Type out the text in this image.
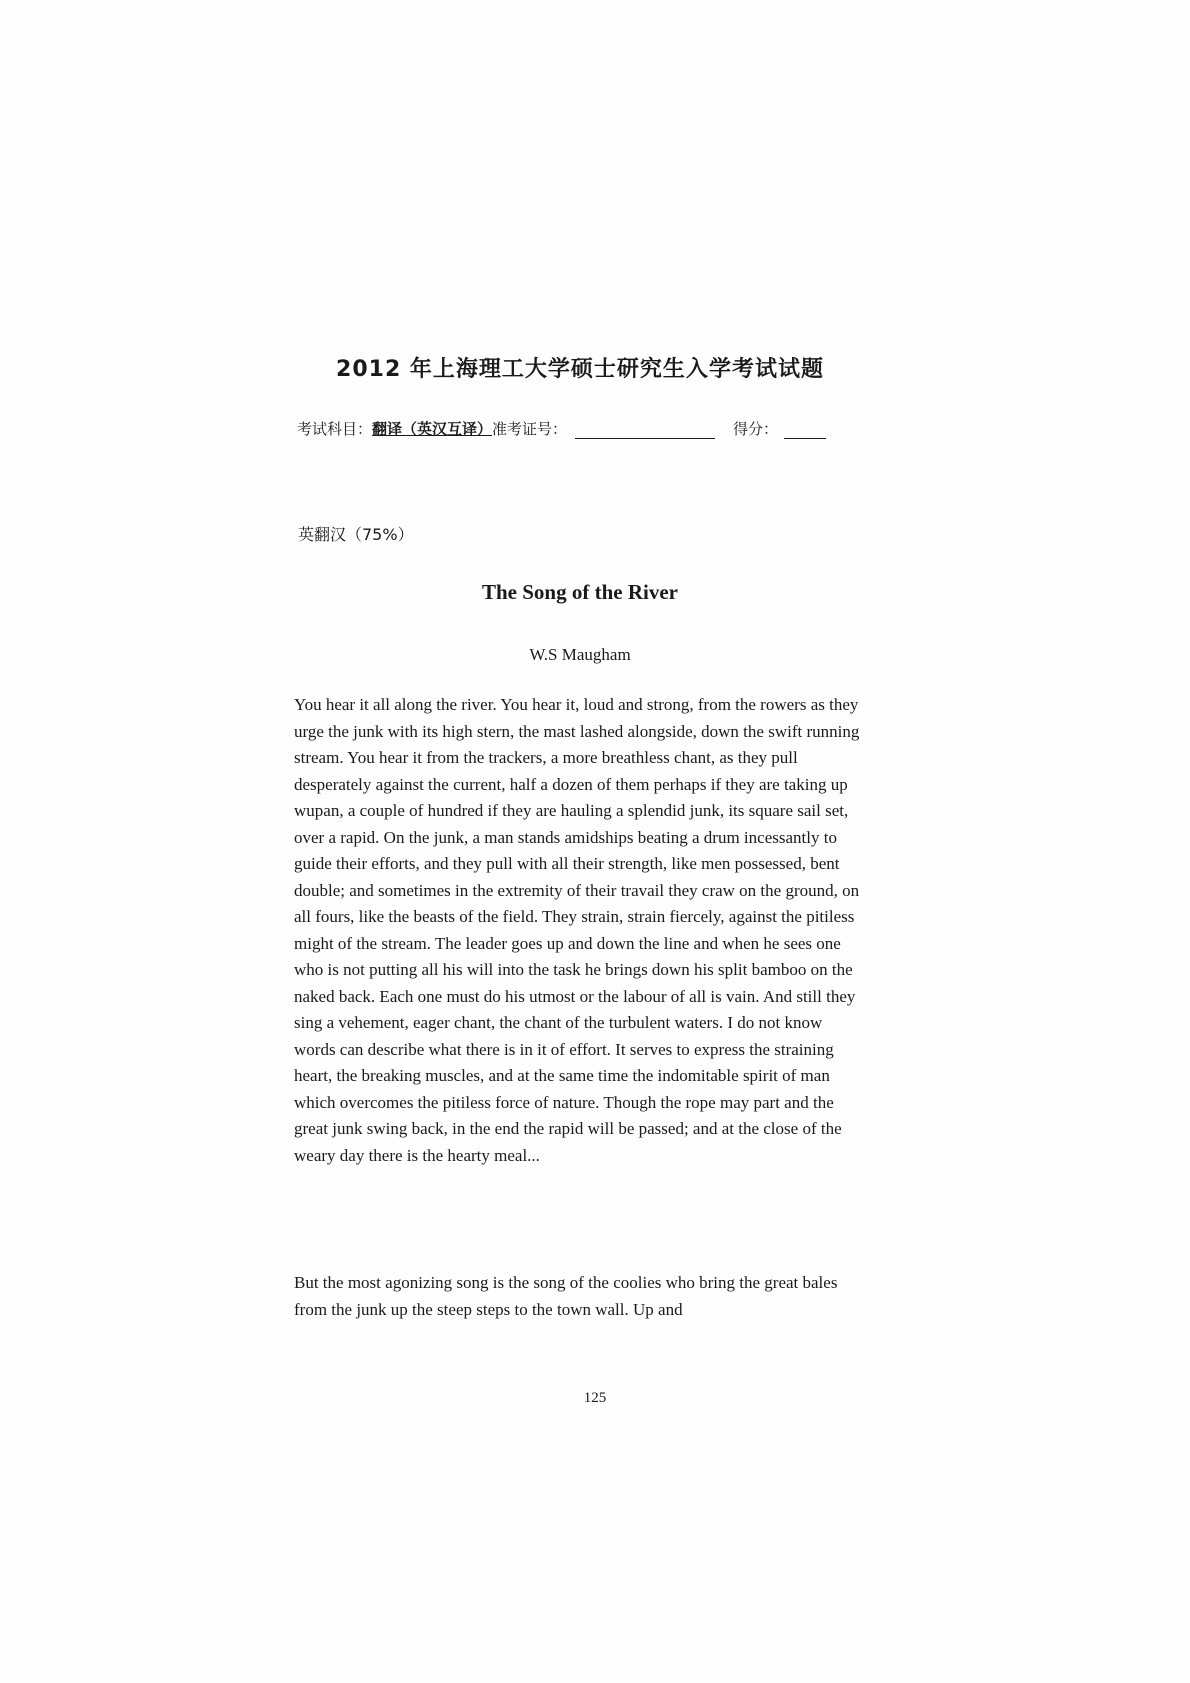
2012 年上海理工大学硕士研究生入学考试试题
考试科目：翻译（英汉互译）准考证号：	得分：
英翻汉（75%）
The Song of the River
W.S Maugham

You hear it all along the river. You hear it, loud and strong, from the rowers as they urge the junk with its high stern, the mast lashed alongside, down the swift running stream. You hear it from the trackers, a more breathless chant, as they pull desperately against the current, half a dozen of them perhaps if they are taking up wupan, a couple of hundred if they are hauling a splendid junk, its square sail set, over a rapid. On the junk, a man stands amidships beating a drum incessantly to guide their efforts, and they pull with all their strength, like men possessed, bent double; and sometimes in the extremity of their travail they craw on the ground, on all fours, like the beasts of the field. They strain, strain fiercely, against the pitiless might of the stream. The leader goes up and down the line and when he sees one who is not putting all his will into the task he brings down his split bamboo on the naked back. Each one must do his utmost or the labour of all is vain. And still they sing a vehement, eager chant, the chant of the turbulent waters. I do not know words can describe what there is in it of effort. It serves to express the straining heart, the breaking muscles, and at the same time the indomitable spirit of man which overcomes the pitiless force of nature. Though the rope may part and the great junk swing back, in the end the rapid will be passed; and at the close of the weary day there is the hearty meal...

But the most agonizing song is the song of the coolies who bring the great bales from the junk up the steep steps to the town wall. Up and

125
